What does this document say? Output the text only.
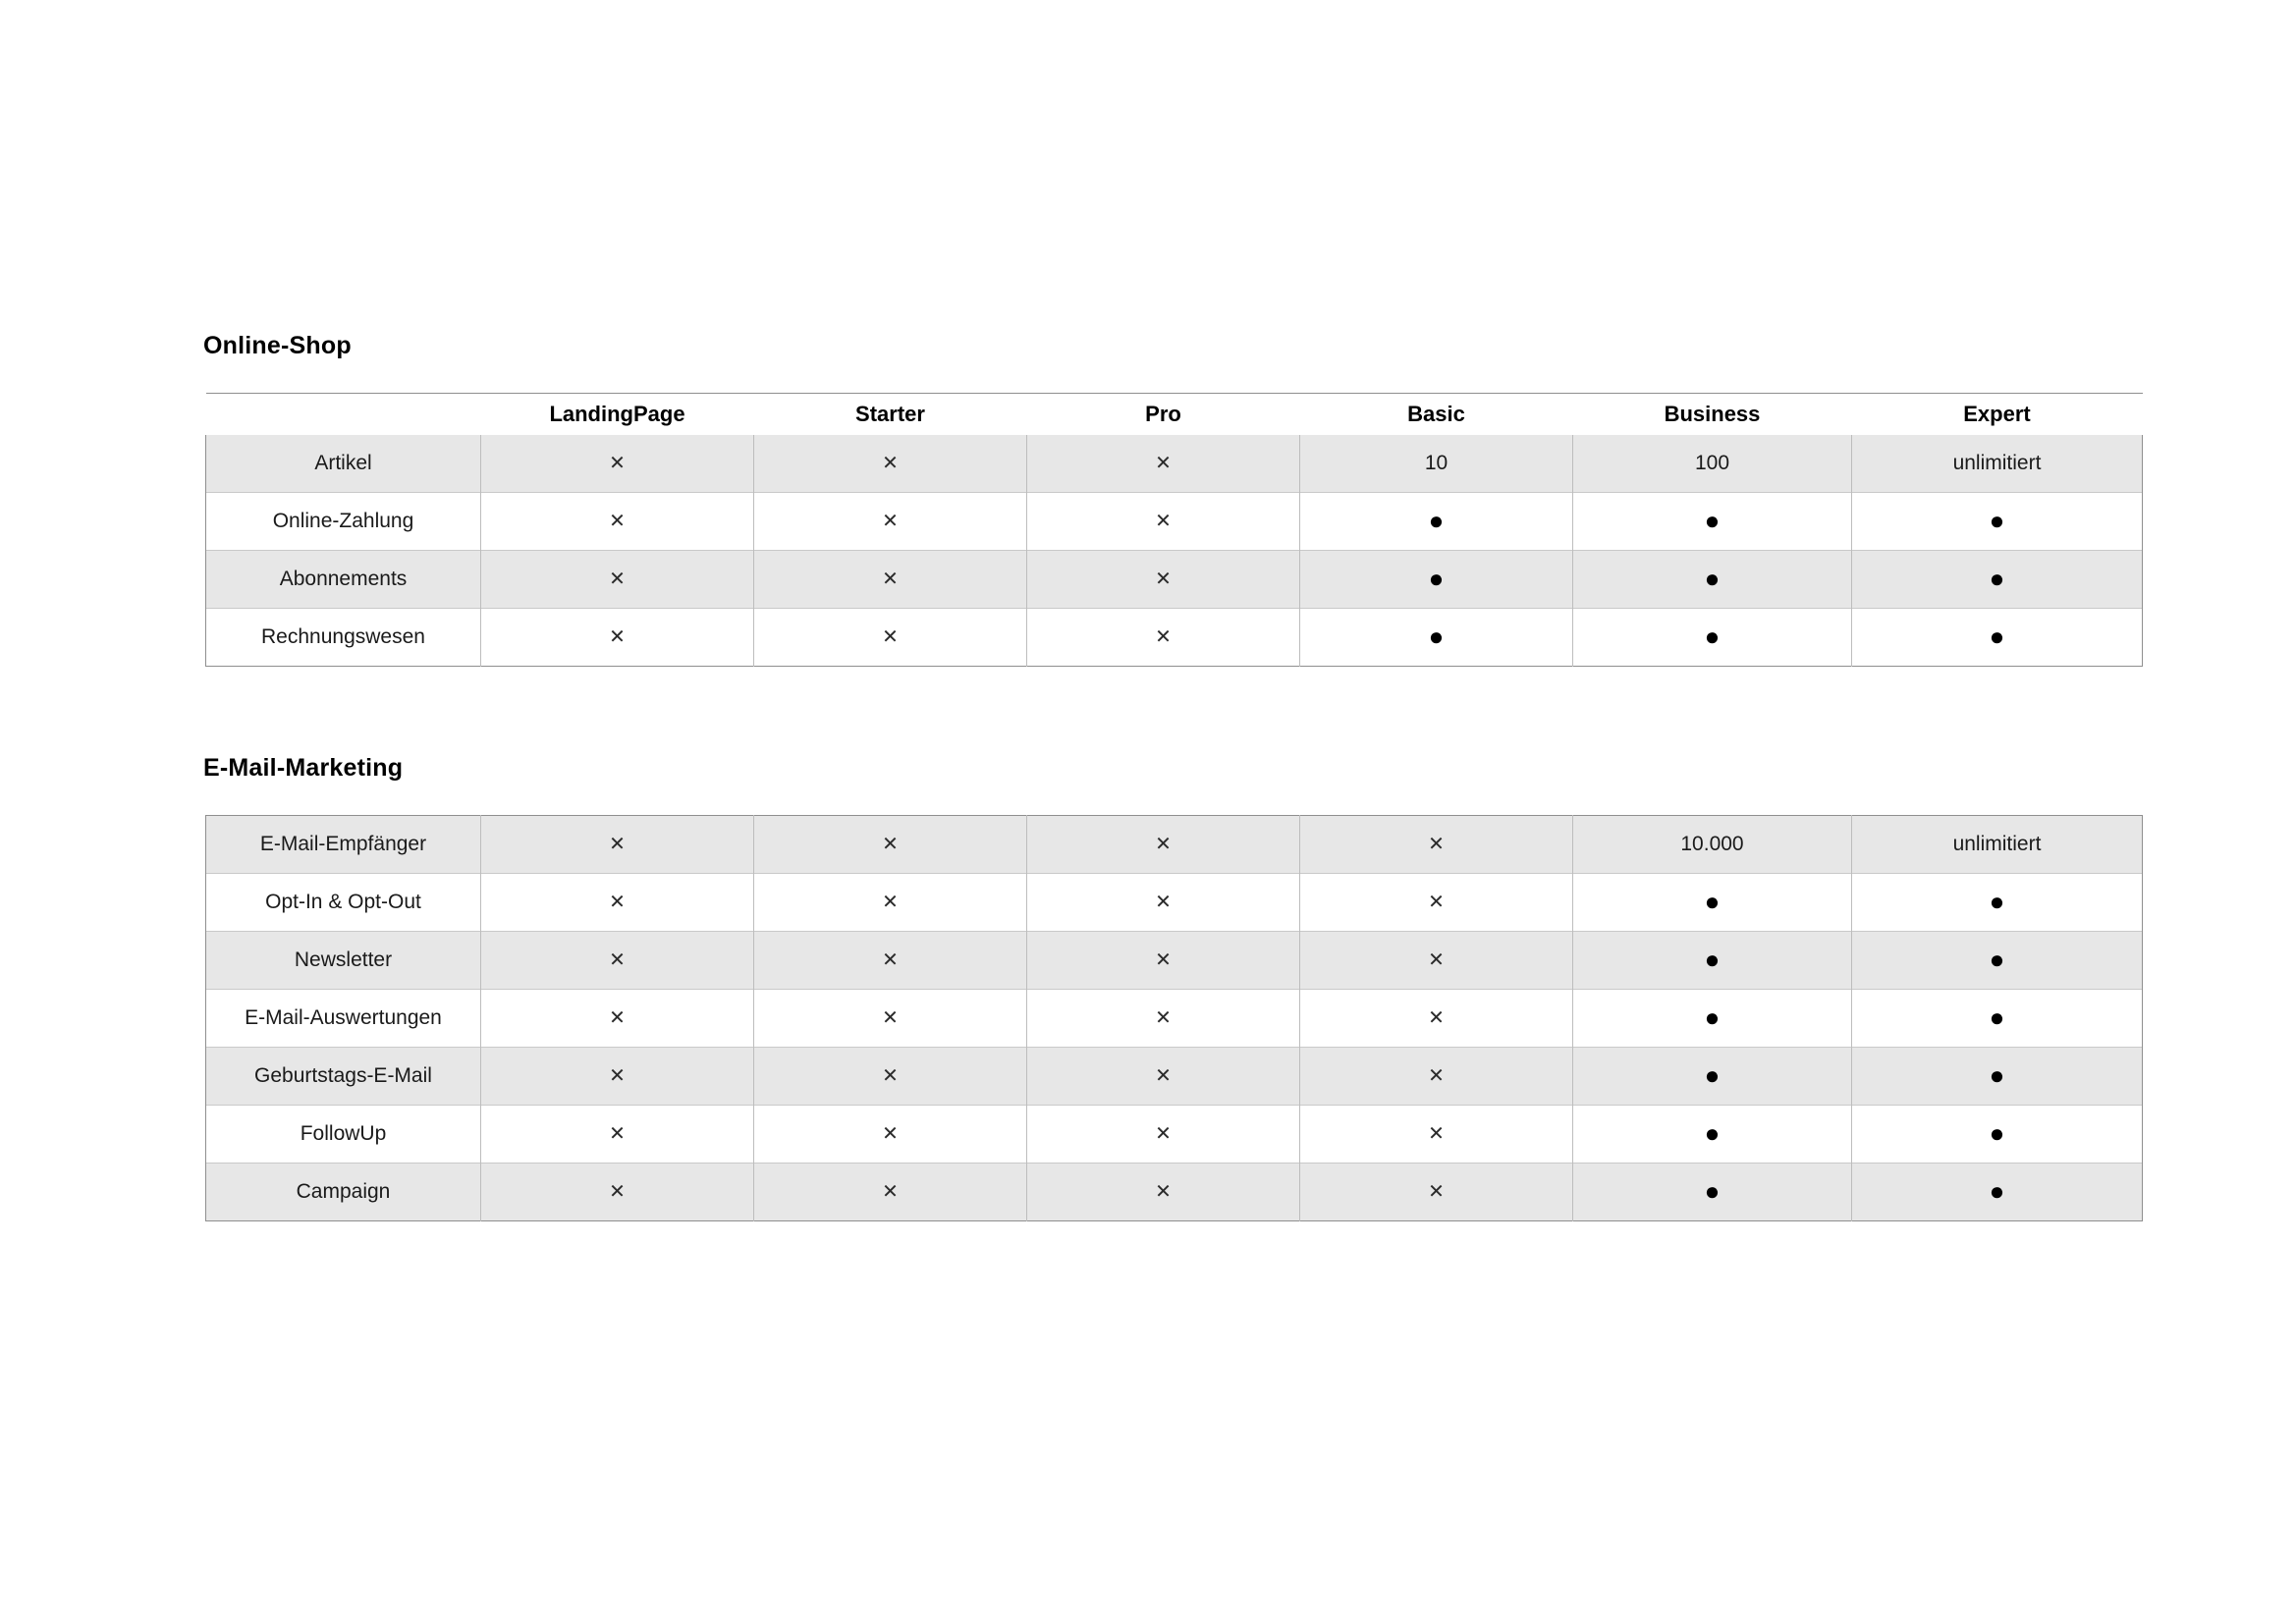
Online-Shop
	LandingPage	Starter	Pro	Basic	Business	Expert
Artikel	✕	✕	✕	10	100	unlimitiert
Online-Zahlung	✕	✕	✕	●	●	●
Abonnements	✕	✕	✕	●	●	●
Rechnungswesen	✕	✕	✕	●	●	●
E-Mail-Marketing
E-Mail-Empfänger	✕	✕	✕	✕	10.000	unlimitiert
Opt-In & Opt-Out	✕	✕	✕	✕	●	●
Newsletter	✕	✕	✕	✕	●	●
E-Mail-Auswertungen	✕	✕	✕	✕	●	●
Geburtstags-E-Mail	✕	✕	✕	✕	●	●
FollowUp	✕	✕	✕	✕	●	●
Campaign	✕	✕	✕	✕	●	●
